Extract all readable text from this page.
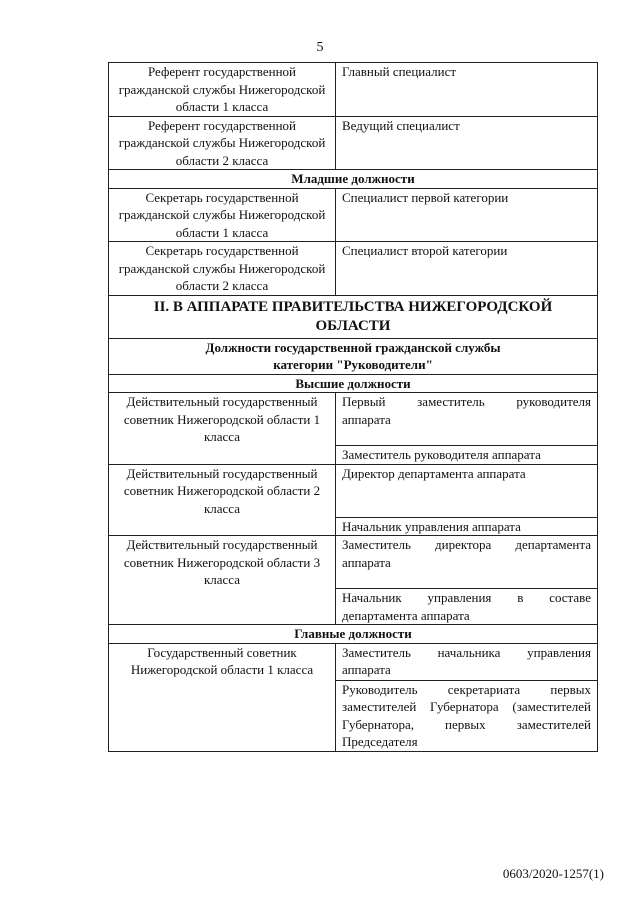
5
Референт государственной гражданской службы Нижегородской области 1 класса	Главный специалист
Референт государственной гражданской службы Нижегородской области 2 класса	Ведущий специалист
Младшие должности	
Секретарь государственной гражданской службы Нижегородской области 1 класса	Специалист первой категории
Секретарь государственной гражданской службы Нижегородской области 2 класса	Специалист второй категории
II. В АППАРАТЕ ПРАВИТЕЛЬСТВА НИЖЕГОРОДСКОЙ ОБЛАСТИ	
Должности государственной гражданской службы категории "Руководители"	
Высшие должности	
Действительный государственный советник Нижегородской области 1 класса	Первый заместитель руководителя
аппарата

	Заместитель руководителя аппарата
Действительный государственный советник Нижегородской области 2 класса	Директор департамента аппарата
	Начальник управления аппарата
Действительный государственный советник Нижегородской области 3 класса	Заместитель директора департамента
аппарата

	Начальник управления в составе
департамента аппарата

Главные должности	
Государственный советник Нижегородской области 1 класса	Заместитель начальника управления
аппарата

	Руководитель секретариата первых заместителей Губернатора (заместителей Губернатора, первых заместителей Председателя
0603/2020-1257(1)
